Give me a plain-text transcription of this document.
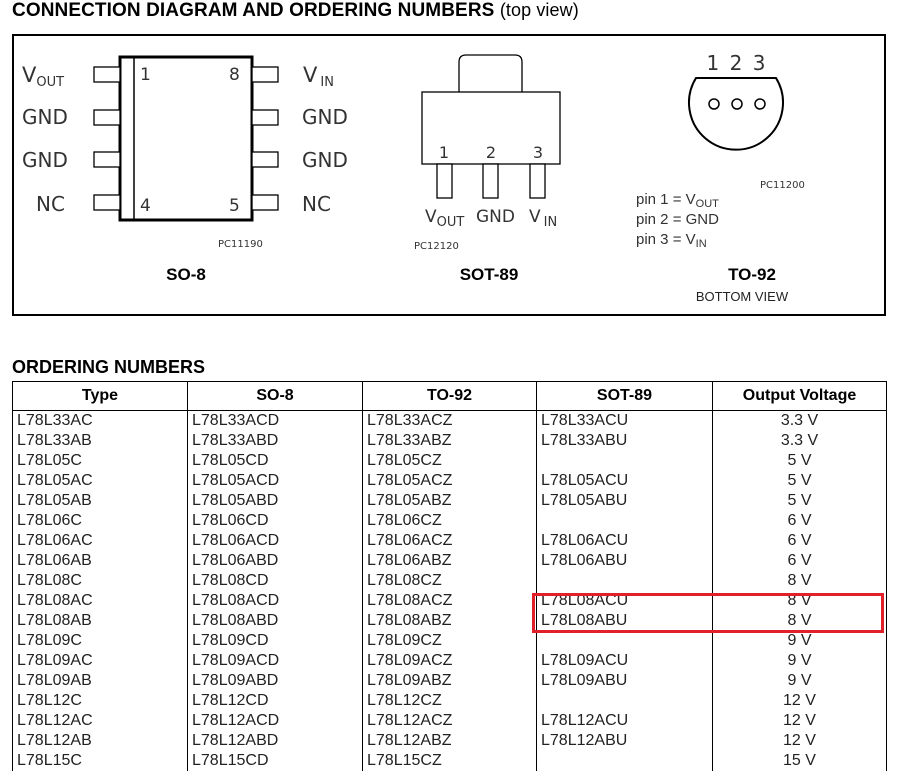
CONNECTION DIAGRAM AND ORDERING NUMBERS (top view)
VOUT
GND
GND
NC
VIN
GND
GND
NC
1	8
4	5
PC11190
SO-8
1 2 3
$V_{OUT}$ GND V $_{IN}$
PC12120
SOT-89
1 2 3
PC11200
pin $1 = V_{OUT}$
pin 2 = GND
pin $3 = V_{IN}$
TO-92
BOTTOM VIEW
ORDERING NUMBERS
Type	SO-8	TO-92	SOT-89	Output Voltage
L78L33AC	L78L33ACD	L78L33ACZ	L78L33ACU	3.3 V
L78L33AB	L78L33ABD	L78L33ABZ	L78L33ABU	3.3 V
L78L05C	L78L05CD	L78L05CZ		5 V
L78L05AC	L78L05ACD	L78L05ACZ	L78L05ACU	5 V
L78L05AB	L78L05ABD	L78L05ABZ	L78L05ABU	5 V
L78L06C	L78L06CD	L78L06CZ		6 V
L78L06AC	L78L06ACD	L78L06ACZ	L78L06ACU	6 V
L78L06AB	L78L06ABD	L78L06ABZ	L78L06ABU	6 V
L78L08C	L78L08CD	L78L08CZ		8 V
L78L08AC	L78L08ACD	L78L08ACZ	L78L08ACU	8 V
L78L08AB	L78L08ABD	L78L08ABZ	L78L08ABU	8 V
L78L09C	L78L09CD	L78L09CZ		9 V
L78L09AC	L78L09ACD	L78L09ACZ	L78L09ACU	9 V
L78L09AB	L78L09ABD	L78L09ABZ	L78L09ABU	9 V
L78L12C	L78L12CD	L78L12CZ		12 V
L78L12AC	L78L12ACD	L78L12ACZ	L78L12ACU	12 V
L78L12AB	L78L12ABD	L78L12ABZ	L78L12ABU	12 V
L78L15C	L78L15CD	L78L15CZ		15 V
